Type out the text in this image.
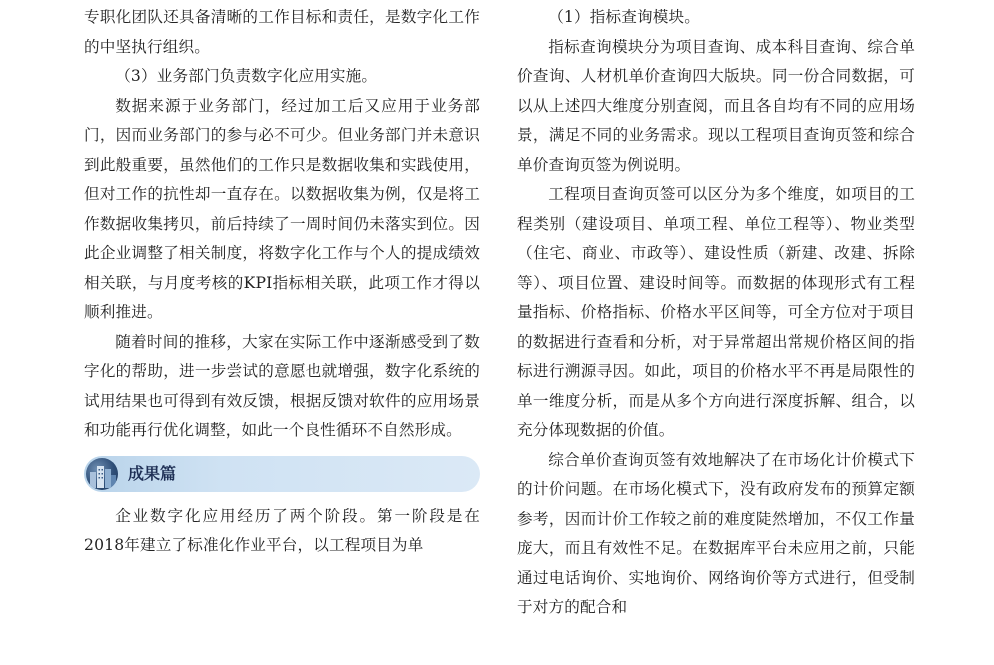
专职化团队还具备清晰的工作目标和责任，是数字化工作的中坚执行组织。

（3）业务部门负责数字化应用实施。

数据来源于业务部门，经过加工后又应用于业务部门，因而业务部门的参与必不可少。但业务部门并未意识到此般重要，虽然他们的工作只是数据收集和实践使用，但对工作的抗性却一直存在。以数据收集为例，仅是将工作数据收集拷贝，前后持续了一周时间仍未落实到位。因此企业调整了相关制度，将数字化工作与个人的提成绩效相关联，与月度考核的KPI指标相关联，此项工作才得以顺利推进。

随着时间的推移，大家在实际工作中逐渐感受到了数字化的帮助，进一步尝试的意愿也就增强，数字化系统的试用结果也可得到有效反馈，根据反馈对软件的应用场景和功能再行优化调整，如此一个良性循环不自然形成。

成果篇

企业数字化应用经历了两个阶段。第一阶段是在2018年建立了标准化作业平台，以工程项目为单

（1）指标查询模块。

指标查询模块分为项目查询、成本科目查询、综合单价查询、人材机单价查询四大版块。同一份合同数据，可以从上述四大维度分别查阅，而且各自均有不同的应用场景，满足不同的业务需求。现以工程项目查询页签和综合单价查询页签为例说明。

工程项目查询页签可以区分为多个维度，如项目的工程类别（建设项目、单项工程、单位工程等）、物业类型（住宅、商业、市政等）、建设性质（新建、改建、拆除等）、项目位置、建设时间等。而数据的体现形式有工程量指标、价格指标、价格水平区间等，可全方位对于项目的数据进行查看和分析，对于异常超出常规价格区间的指标进行溯源寻因。如此，项目的价格水平不再是局限性的单一维度分析，而是从多个方向进行深度拆解、组合，以充分体现数据的价值。

综合单价查询页签有效地解决了在市场化计价模式下的计价问题。在市场化模式下，没有政府发布的预算定额参考，因而计价工作较之前的难度陡然增加，不仅工作量庞大，而且有效性不足。在数据库平台未应用之前，只能通过电话询价、实地询价、网络询价等方式进行，但受制于对方的配合和
